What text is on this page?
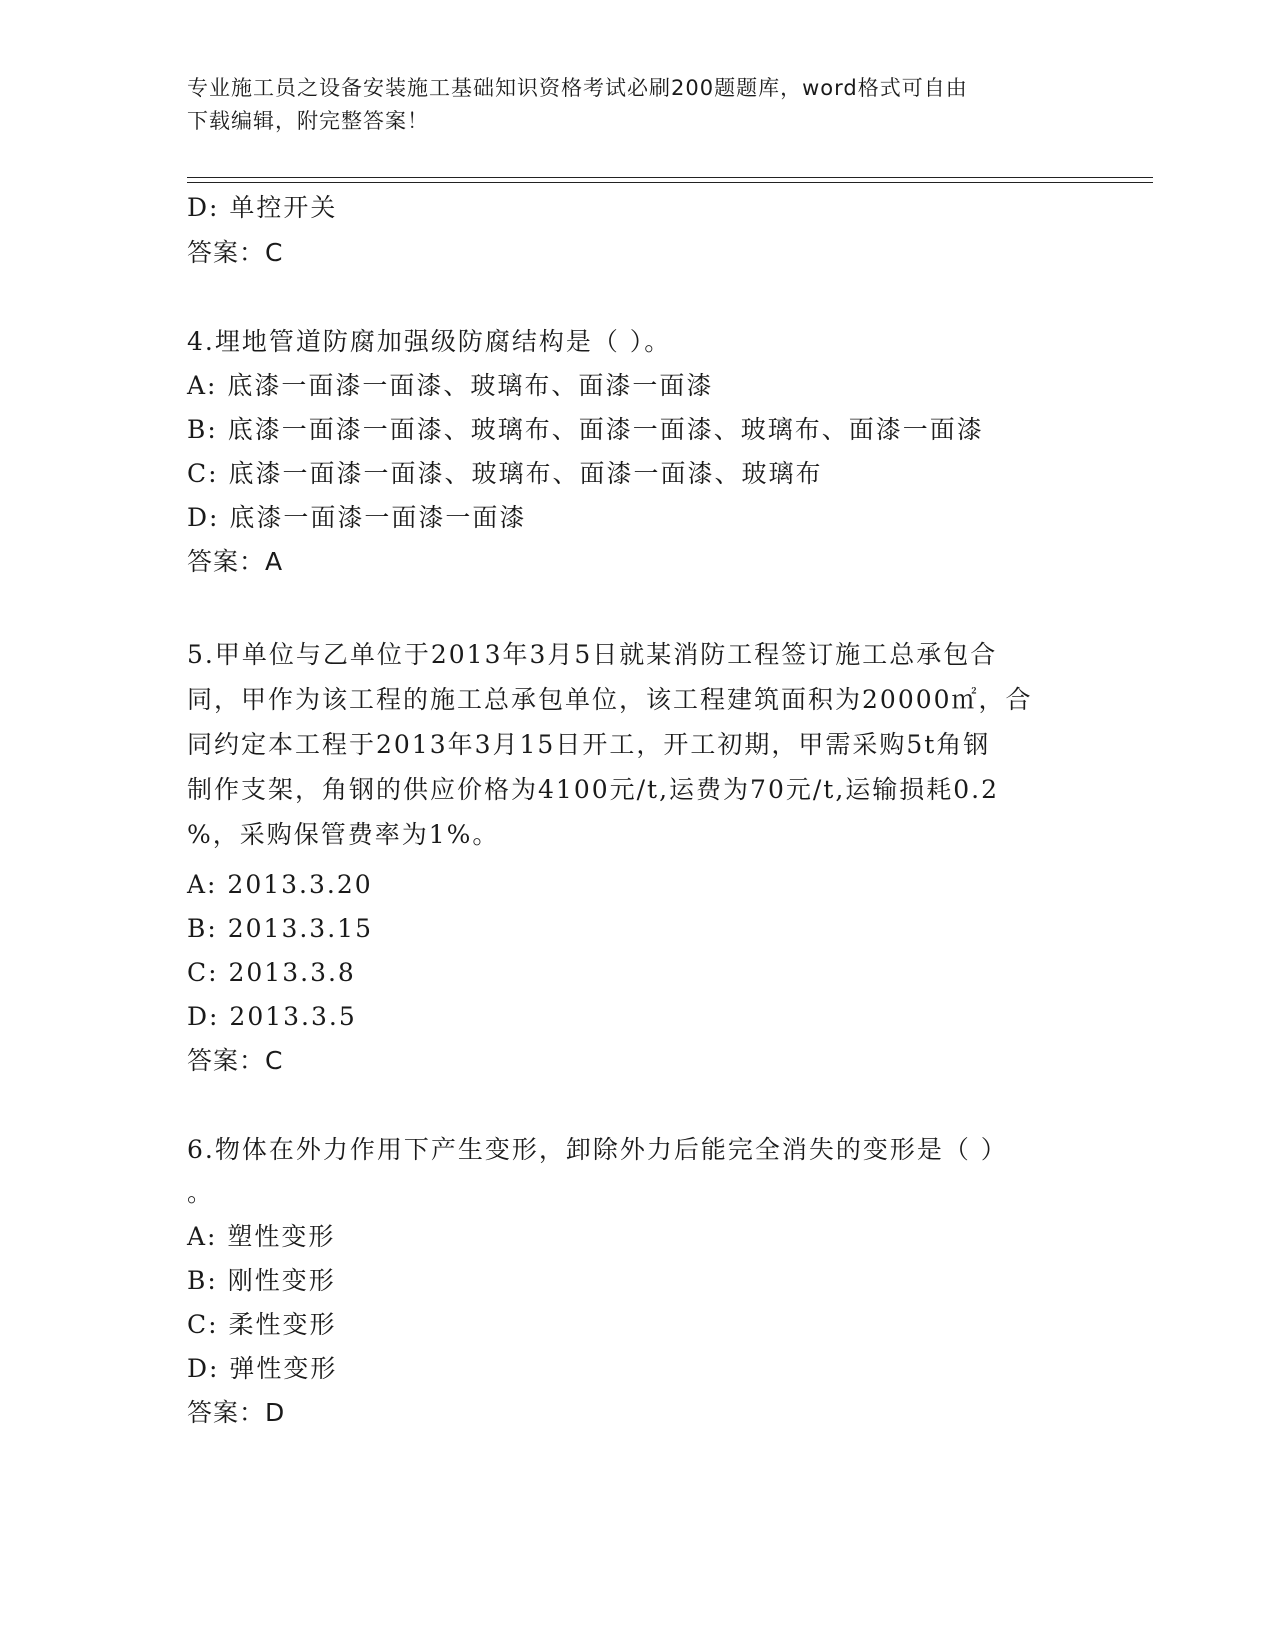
专业施工员之设备安装施工基础知识资格考试必刷200题题库，word格式可自由
下载编辑，附完整答案！
D: 单控开关
答案：C
4.埋地管道防腐加强级防腐结构是（ ）。
A: 底漆一面漆一面漆、玻璃布、面漆一面漆
B: 底漆一面漆一面漆、玻璃布、面漆一面漆、玻璃布、面漆一面漆
C: 底漆一面漆一面漆、玻璃布、面漆一面漆、玻璃布
D: 底漆一面漆一面漆一面漆
答案：A
5.甲单位与乙单位于2013年3月5日就某消防工程签订施工总承包合
同，甲作为该工程的施工总承包单位，该工程建筑面积为20000㎡，合
同约定本工程于2013年3月15日开工，开工初期，甲需采购5t角钢
制作支架，角钢的供应价格为4100元/t,运费为70元/t,运输损耗0.2
%，采购保管费率为1%。
A: 2013.3.20
B: 2013.3.15
C: 2013.3.8
D: 2013.3.5
答案：C
6.物体在外力作用下产生变形，卸除外力后能完全消失的变形是（ ）
。
A: 塑性变形
B: 刚性变形
C: 柔性变形
D: 弹性变形
答案：D
